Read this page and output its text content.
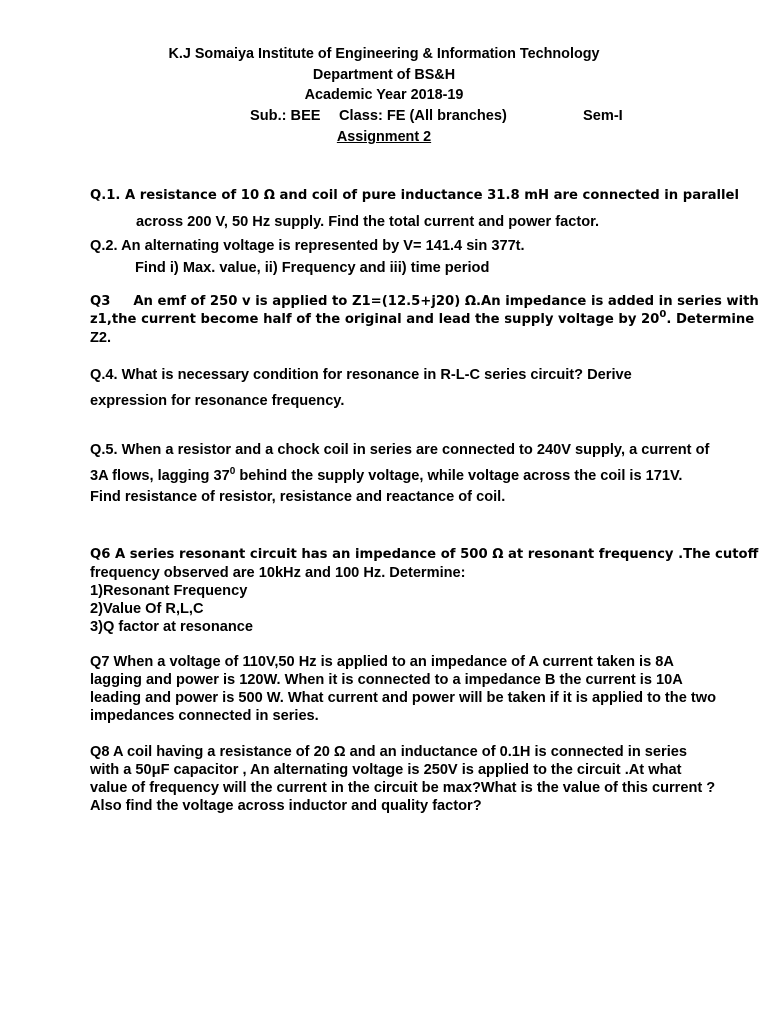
K.J Somaiya Institute of Engineering & Information Technology
Department of BS&H
Academic Year 2018-19
Sub.: BEE Class: FE (All branches)	Sem-I
Assignment 2
Q.1. A resistance of 10 Ω and coil of pure inductance 31.8 mH are connected in parallel
across 200 V, 50 Hz supply. Find the total current and power factor.
Q.2. An alternating voltage is represented by V= 141.4 sin 377t.
Find i) Max. value, ii) Frequency and iii) time period
Q3     An emf of 250 v is applied to Z1=(12.5+j20) Ω.An impedance is added in series with
z1,the current become half of the original and lead the supply voltage by $20^0$. Determine
Z2.
Q.4. What is necessary condition for resonance in R-L-C series circuit? Derive
expression for resonance frequency.
Q.5. When a resistor and a chock coil in series are connected to 240V supply, a current of
3A flows, lagging $37^0$ behind the supply voltage, while voltage across the coil is 171V.
Find resistance of resistor, resistance and reactance of coil.
Q6 A series resonant circuit has an impedance of 500 Ω at resonant frequency .The cutoff
frequency observed are 10kHz and 100 Hz. Determine:
1)Resonant Frequency
2)Value Of R,L,C
3)Q factor at resonance
Q7 When a voltage of 110V,50 Hz is applied to an impedance of A current taken is 8A
lagging and power is 120W. When it is connected to a impedance B the current is 10A
leading and power is 500 W. What current and power will be taken if it is applied to the two
impedances connected in series.
Q8 A coil having a resistance of 20 Ω and an inductance of 0.1H is connected in series
with a 50μF capacitor , An alternating voltage is 250V is applied to the circuit .At what
value of frequency will the current in the circuit be max?What is the value of this current ?
Also find the voltage across inductor and quality factor?
